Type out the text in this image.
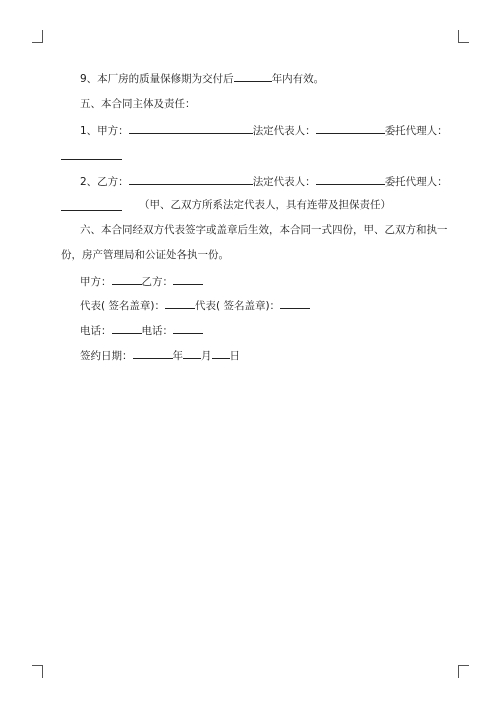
9、本厂房的质量保修期为交付后	年内有效。
五、本合同主体及责任：
1、甲方：	法定代表人：	委托代理人：
2、乙方：	法定代表人：	委托代理人：
（甲、乙双方所系法定代表人，具有连带及担保责任）
六、本合同经双方代表签字或盖章后生效，本合同一式四份，甲、乙双方和执一
份，房产管理局和公证处各执一份。
甲方：	乙方：
代表( 签名盖章)：	代表( 签名盖章)：
电话：	电话：
签约日期：	年 月 日
